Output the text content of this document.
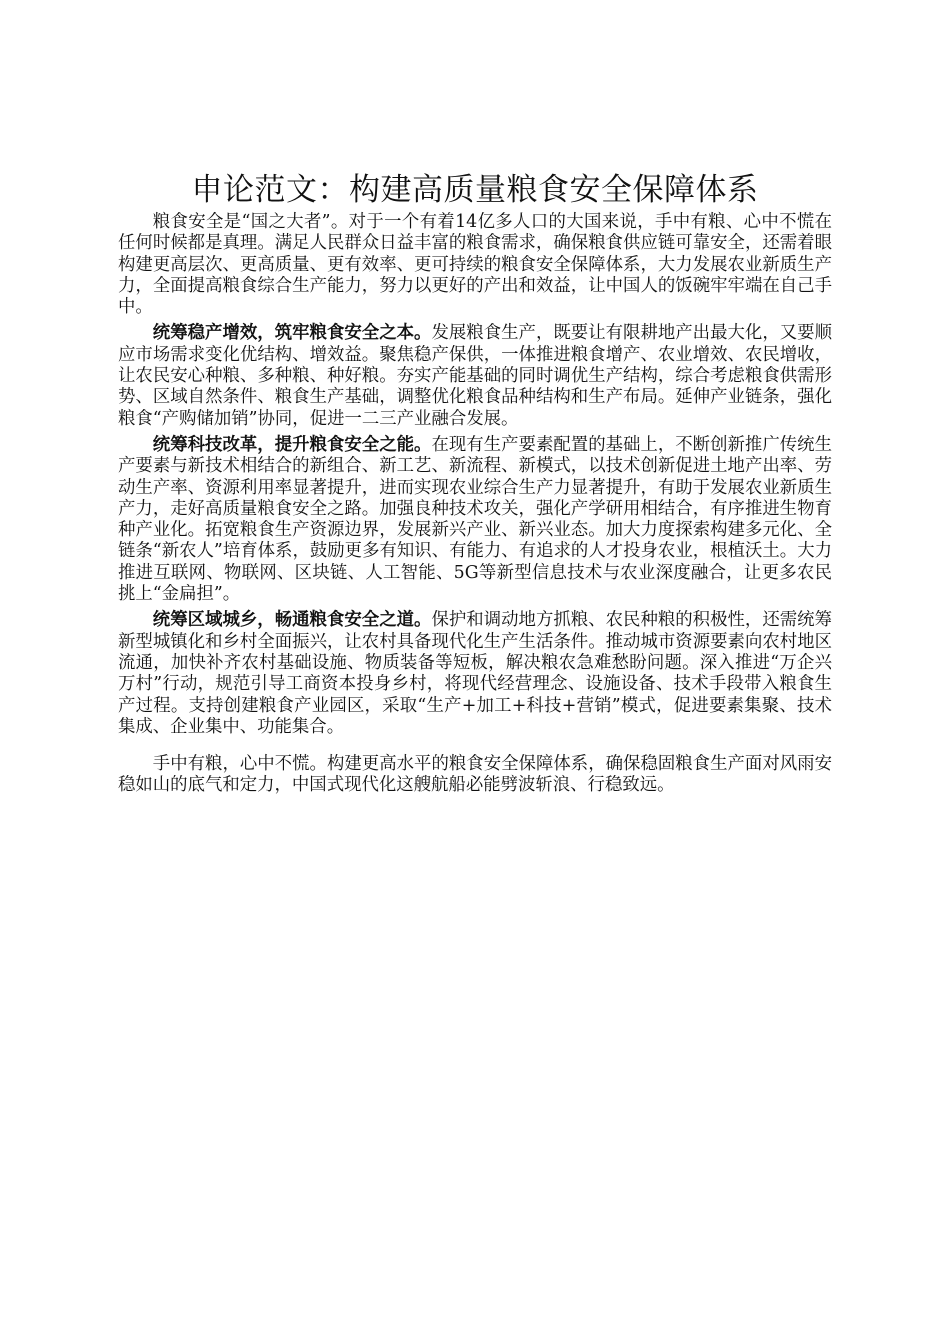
申论范文：构建高质量粮食安全保障体系

粮食安全是“国之大者”。对于一个有着14亿多人口的大国来说，手中有粮、心中不慌在任何时候都是真理。满足人民群众日益丰富的粮食需求，确保粮食供应链可靠安全，还需着眼构建更高层次、更高质量、更有效率、更可持续的粮食安全保障体系，大力发展农业新质生产力，全面提高粮食综合生产能力，努力以更好的产出和效益，让中国人的饭碗牢牢端在自己手中。

统筹稳产增效，筑牢粮食安全之本。发展粮食生产，既要让有限耕地产出最大化，又要顺应市场需求变化优结构、增效益。聚焦稳产保供，一体推进粮食增产、农业增效、农民增收，让农民安心种粮、多种粮、种好粮。夯实产能基础的同时调优生产结构，综合考虑粮食供需形势、区域自然条件、粮食生产基础，调整优化粮食品种结构和生产布局。延伸产业链条，强化粮食“产购储加销”协同，促进一二三产业融合发展。

统筹科技改革，提升粮食安全之能。在现有生产要素配置的基础上，不断创新推广传统生产要素与新技术相结合的新组合、新工艺、新流程、新模式，以技术创新促进土地产出率、劳动生产率、资源利用率显著提升，进而实现农业综合生产力显著提升，有助于发展农业新质生产力，走好高质量粮食安全之路。加强良种技术攻关，强化产学研用相结合，有序推进生物育种产业化。拓宽粮食生产资源边界，发展新兴产业、新兴业态。加大力度探索构建多元化、全链条“新农人”培育体系，鼓励更多有知识、有能力、有追求的人才投身农业，根植沃土。大力推进互联网、物联网、区块链、人工智能、5G等新型信息技术与农业深度融合，让更多农民挑上“金扁担”。

统筹区域城乡，畅通粮食安全之道。保护和调动地方抓粮、农民种粮的积极性，还需统筹新型城镇化和乡村全面振兴，让农村具备现代化生产生活条件。推动城市资源要素向农村地区流通，加快补齐农村基础设施、物质装备等短板，解决粮农急难愁盼问题。深入推进“万企兴万村”行动，规范引导工商资本投身乡村，将现代经营理念、设施设备、技术手段带入粮食生产过程。支持创建粮食产业园区，采取“生产+加工+科技+营销”模式，促进要素集聚、技术集成、企业集中、功能集合。

手中有粮，心中不慌。构建更高水平的粮食安全保障体系，确保稳固粮食生产面对风雨安稳如山的底气和定力，中国式现代化这艘航船必能劈波斩浪、行稳致远。
